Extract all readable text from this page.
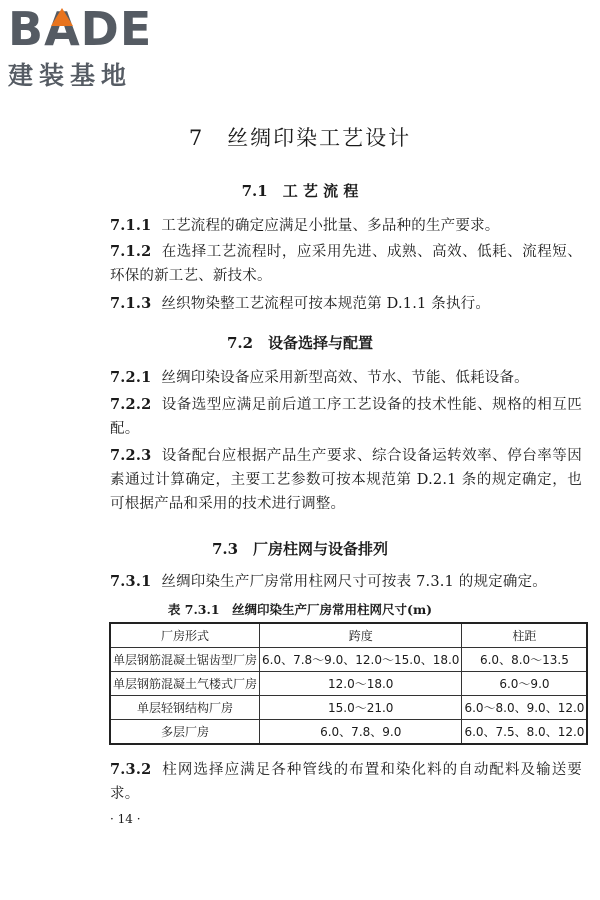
B A DE
建装基地
7　丝绸印染工艺设计
7.1　工 艺 流 程
7.1.1 工艺流程的确定应满足小批量、多品种的生产要求。
7.1.2 在选择工艺流程时，应采用先进、成熟、高效、低耗、流程短、环保的新工艺、新技术。
7.1.3 丝织物染整工艺流程可按本规范第 D.1.1 条执行。
7.2　设备选择与配置
7.2.1 丝绸印染设备应采用新型高效、节水、节能、低耗设备。
7.2.2 设备选型应满足前后道工序工艺设备的技术性能、规格的相互匹配。
7.2.3 设备配台应根据产品生产要求、综合设备运转效率、停台率等因素通过计算确定，主要工艺参数可按本规范第 D.2.1 条的规定确定，也可根据产品和采用的技术进行调整。
7.3　厂房柱网与设备排列
7.3.1 丝绸印染生产厂房常用柱网尺寸可按表 7.3.1 的规定确定。
表 7.3.1　丝绸印染生产厂房常用柱网尺寸(m)
厂房形式	跨度	柱距
单层钢筋混凝土锯齿型厂房	6.0、7.8～9.0、12.0～15.0、18.0	6.0、8.0～13.5
单层钢筋混凝土气楼式厂房	12.0～18.0	6.0～9.0
单层轻钢结构厂房	15.0～21.0	6.0～8.0、9.0、12.0
多层厂房	6.0、7.8、9.0	6.0、7.5、8.0、12.0
7.3.2 柱网选择应满足各种管线的布置和染化料的自动配料及输送要求。
· 14 ·
